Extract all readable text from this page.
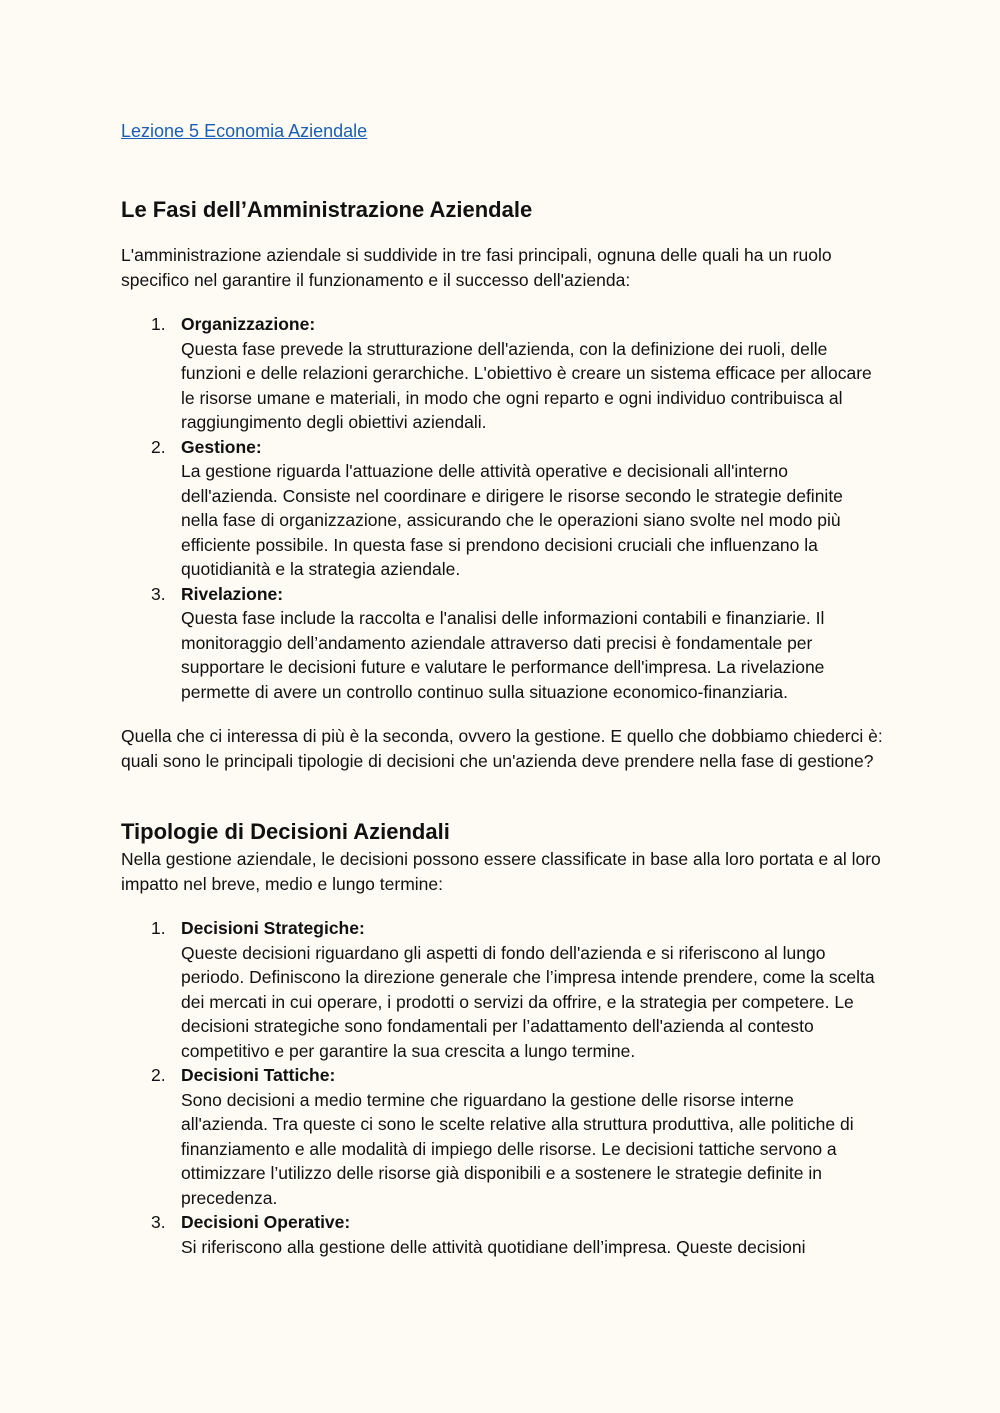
Lezione 5 Economia Aziendale
Le Fasi dell’Amministrazione Aziendale

L'amministrazione aziendale si suddivide in tre fasi principali, ognuna delle quali ha un ruolo specifico nel garantire il funzionamento e il successo dell'azienda:

1. Organizzazione:
Questa fase prevede la strutturazione dell'azienda, con la definizione dei ruoli, delle funzioni e delle relazioni gerarchiche. L'obiettivo è creare un sistema efficace per allocare le risorse umane e materiali, in modo che ogni reparto e ogni individuo contribuisca al raggiungimento degli obiettivi aziendali.
2. Gestione:
La gestione riguarda l'attuazione delle attività operative e decisionali all'interno dell'azienda. Consiste nel coordinare e dirigere le risorse secondo le strategie definite nella fase di organizzazione, assicurando che le operazioni siano svolte nel modo più efficiente possibile. In questa fase si prendono decisioni cruciali che influenzano la quotidianità e la strategia aziendale.
3. Rivelazione:
Questa fase include la raccolta e l'analisi delle informazioni contabili e finanziarie. Il monitoraggio dell’andamento aziendale attraverso dati precisi è fondamentale per supportare le decisioni future e valutare le performance dell'impresa. La rivelazione permette di avere un controllo continuo sulla situazione economico-finanziaria.

Quella che ci interessa di più è la seconda, ovvero la gestione. E quello che dobbiamo chiederci è: quali sono le principali tipologie di decisioni che un'azienda deve prendere nella fase di gestione?

Tipologie di Decisioni Aziendali

Nella gestione aziendale, le decisioni possono essere classificate in base alla loro portata e al loro impatto nel breve, medio e lungo termine:

1. Decisioni Strategiche:
Queste decisioni riguardano gli aspetti di fondo dell'azienda e si riferiscono al lungo periodo. Definiscono la direzione generale che l’impresa intende prendere, come la scelta dei mercati in cui operare, i prodotti o servizi da offrire, e la strategia per competere. Le decisioni strategiche sono fondamentali per l’adattamento dell'azienda al contesto competitivo e per garantire la sua crescita a lungo termine.
2. Decisioni Tattiche:
Sono decisioni a medio termine che riguardano la gestione delle risorse interne all'azienda. Tra queste ci sono le scelte relative alla struttura produttiva, alle politiche di finanziamento e alle modalità di impiego delle risorse. Le decisioni tattiche servono a ottimizzare l’utilizzo delle risorse già disponibili e a sostenere le strategie definite in precedenza.
3. Decisioni Operative:
Si riferiscono alla gestione delle attività quotidiane dell’impresa. Queste decisioni
